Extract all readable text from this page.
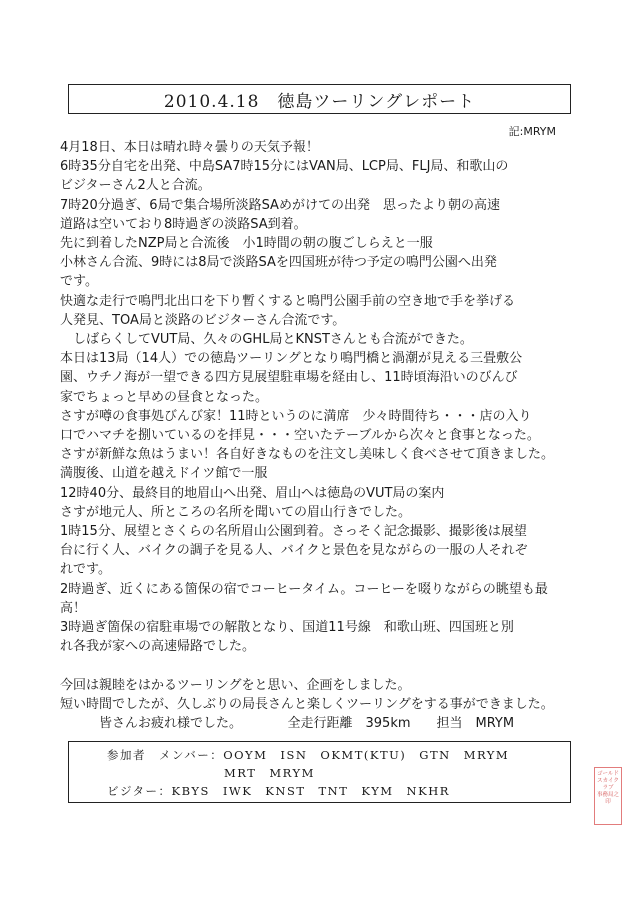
2010.4.18　徳島ツーリングレポート
記:MRYM
4月18日、本日は晴れ時々曇りの天気予報！
6時35分自宅を出発、中島SA7時15分にはVAN局、LCP局、FLJ局、和歌山の
ビジターさん2人と合流。
7時20分過ぎ、6局で集合場所淡路SAめがけての出発　思ったより朝の高速
道路は空いており8時過ぎの淡路SA到着。
先に到着したNZP局と合流後　小1時間の朝の腹ごしらえと一服
小林さん合流、9時には8局で淡路SAを四国班が待つ予定の鳴門公園へ出発
です。
快適な走行で鳴門北出口を下り暫くすると鳴門公園手前の空き地で手を挙げる
人発見、TOA局と淡路のビジターさん合流です。
　しばらくしてVUT局、久々のGHL局とKNSTさんとも合流ができた。
本日は13局（14人）での徳島ツーリングとなり鳴門橋と渦潮が見える三畳敷公
園、ウチノ海が一望できる四方見展望駐車場を経由し、11時頃海沿いのびんび
家でちょっと早めの昼食となった。
さすが噂の食事処びんび家！11時というのに満席　少々時間待ち・・・店の入り
口でハマチを捌いているのを拝見・・・空いたテーブルから次々と食事となった。
さすが新鮮な魚はうまい！各自好きなものを注文し美味しく食べさせて頂きました。
満腹後、山道を越えドイツ館で一服
12時40分、最終目的地眉山へ出発、眉山へは徳島のVUT局の案内
さすが地元人、所ところの名所を聞いての眉山行きでした。
1時15分、展望とさくらの名所眉山公園到着。さっそく記念撮影、撮影後は展望
台に行く人、バイクの調子を見る人、バイクと景色を見ながらの一服の人それぞ
れです。
2時過ぎ、近くにある箇保の宿でコーヒータイム。コーヒーを啜りながらの眺望も最
高！
3時過ぎ箇保の宿駐車場での解散となり、国道11号線　和歌山班、四国班と別
れ各我が家への高速帰路でした。
今回は親睦をはかるツーリングをと思い、企画をしました。
短い時間でしたが、久しぶりの局長さんと楽しくツーリングをする事ができました。
　　　皆さんお疲れ様でした。　　　　全走行距離　395km　　担当　MRYM
参加者　メンバー：OOYM　ISN　OKMT(KTU)　GTN　MRYM
　　　　　　　　　MRT　MRYM
ビジター：KBYS　IWK　KNST　TNT　KYM　NKHR
ゴールド
スカイクラブ
事務局之印
